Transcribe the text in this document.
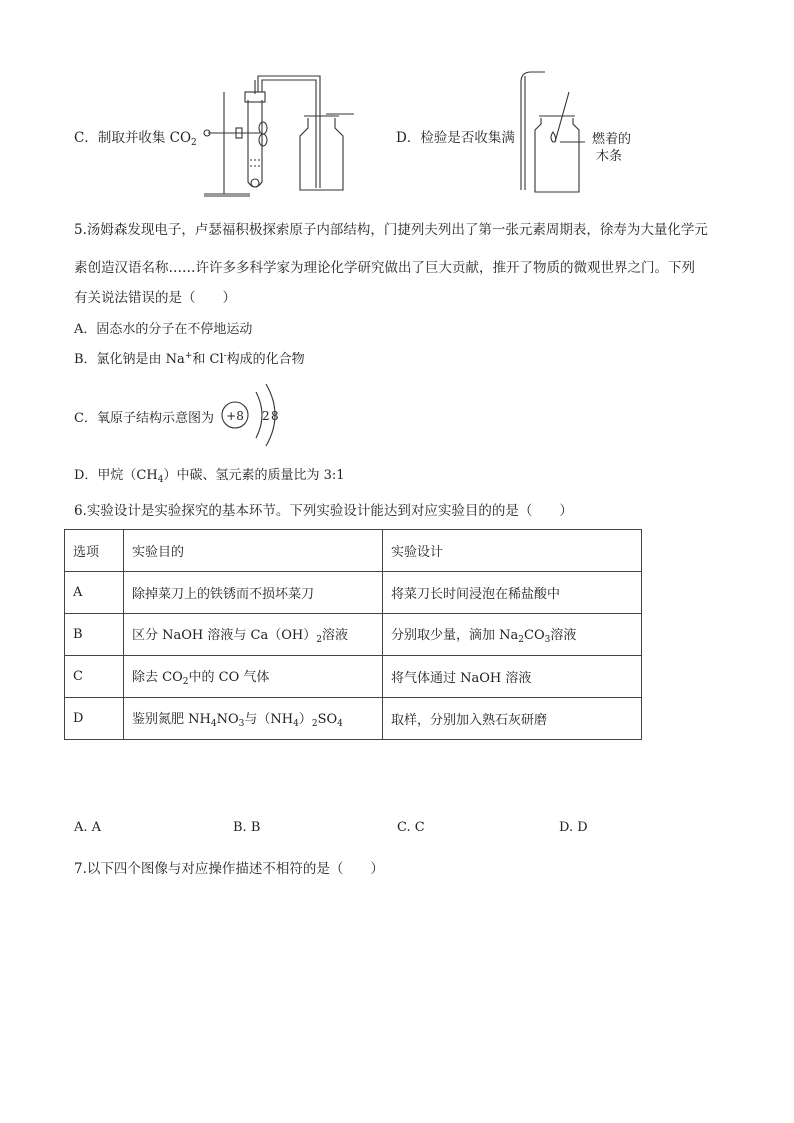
C．制取并收集 $CO_2$	D．检验是否收集满	燃着的
木条
5.汤姆森发现电子，卢瑟福积极探索原子内部结构，门捷列夫列出了第一张元素周期表，徐寿为大量化学元
素创造汉语名称……许许多多科学家为理论化学研究做出了巨大贡献，推开了物质的微观世界之门。下列
有关说法错误的是（　　）
A．固态水的分子在不停地运动
B．氯化钠是由 Na+和 Cl-构成的化合物
C．氧原子结构示意图为 +8 2 8
D．甲烷$(CH_4)$中碳、氢元素的质量比为 3:1
6.实验设计是实验探究的基本环节。下列实验设计能达到对应实验目的的是（　　）
选项	实验目的	实验设计
A	除掉菜刀上的铁锈而不损坏菜刀	将菜刀长时间浸泡在稀盐酸中
B	区分 NaOH 溶液与 $Ca(OH)_2$溶液	分别取少量，滴加 $Na_2CO_3$溶液
C	除去 $CO_2$中的 CO 气体	将气体通过 NaOH 溶液
D	鉴别氮肥 $NH_4NO_3$与$(NH_4)_2SO_4$	取样，分别加入熟石灰研磨
A. A	B. B	C. C	D. D
7.以下四个图像与对应操作描述不相符的是（　　）
